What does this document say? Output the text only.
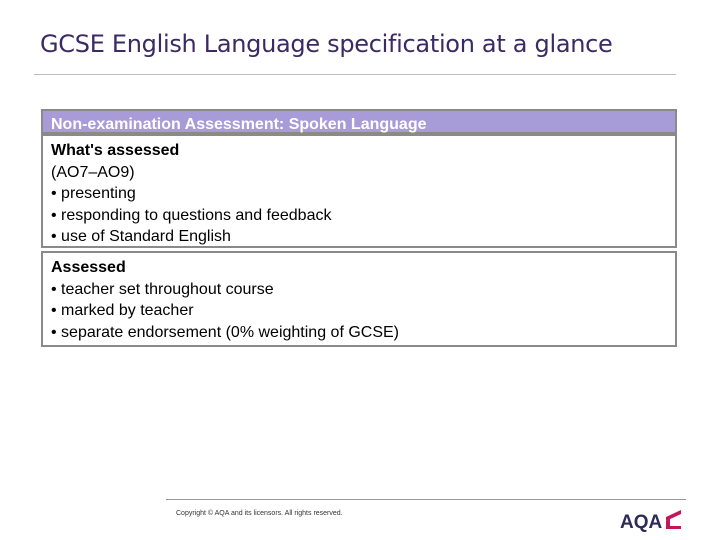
GCSE English Language specification at a glance
Non-examination Assessment: Spoken Language
What's assessed
(AO7–AO9)
• presenting
• responding to questions and feedback
• use of Standard English
Assessed
• teacher set throughout course
• marked by teacher
• separate endorsement (0% weighting of GCSE)
Copyright © AQA and its licensors. All rights reserved.	AQA
